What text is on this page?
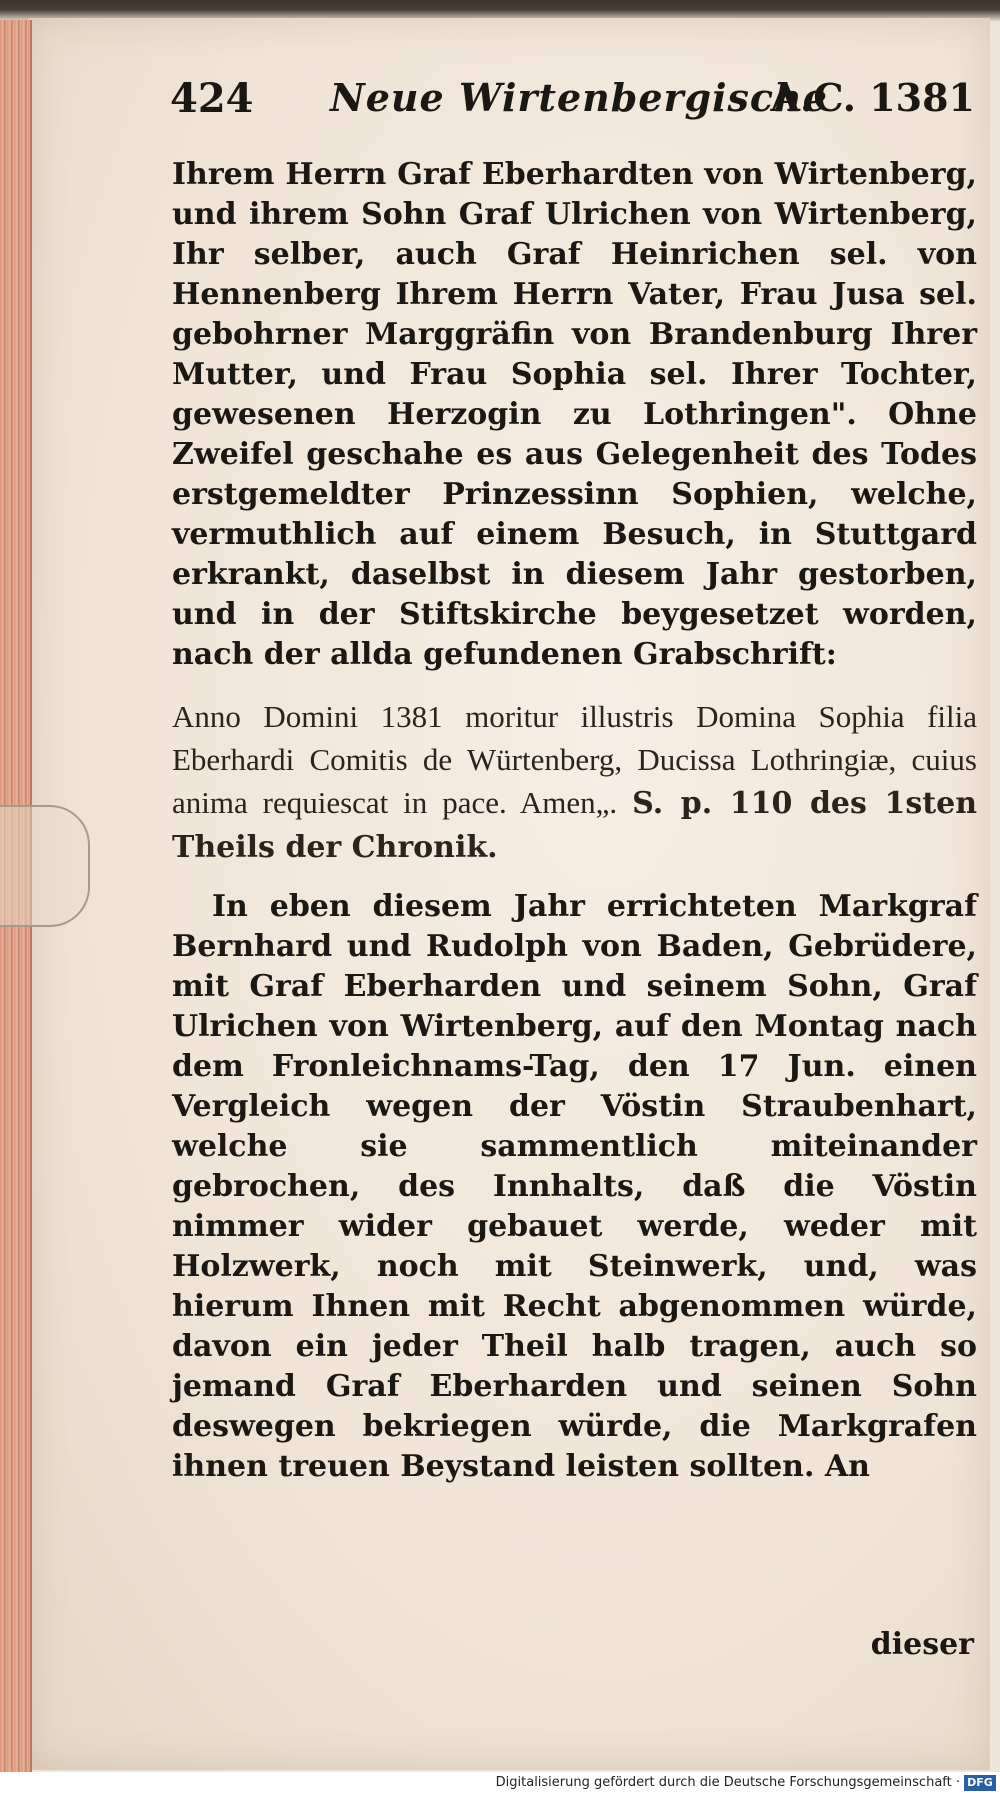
424 Neue Wirtenbergische
A.C. 1381

Ihrem Herrn Graf Eberhardten von Wirtenberg, und ihrem Sohn Graf Ulrichen von Wirtenberg, Ihr selber, auch Graf Heinrichen sel. von Hennenberg Ihrem Herrn Vater, Frau Jusa sel. gebohrner Marggräfin von Brandenburg Ihrer Mutter, und Frau Sophia sel. Ihrer Tochter, gewesenen Herzogin zu Lothringen". Ohne Zweifel geschahe es aus Gelegenheit des Todes erstgemeldter Prinzessinn Sophien, welche, vermuthlich auf einem Besuch, in Stuttgard erkrankt, daselbst in diesem Jahr gestorben, und in der Stiftskirche beygesetzet worden, nach der allda gefundenen Grabschrift:

Anno Domini 1381 moritur illustris Domina Sophia filia Eberhardi Comitis de Würtenberg, Ducissa Lothringiæ, cuius anima requiescat in pace. Amen„. S. p. 110 des 1sten Theils der Chronik.

In eben diesem Jahr errichteten Markgraf Bernhard und Rudolph von Baden, Gebrüdere, mit Graf Eberharden und seinem Sohn, Graf Ulrichen von Wirtenberg, auf den Montag nach dem Fronleichnams-Tag, den 17 Jun. einen Vergleich wegen der Vöstin Straubenhart, welche sie sammentlich miteinander gebrochen, des Innhalts, daß die Vöstin nimmer wider gebauet werde, weder mit Holzwerk, noch mit Steinwerk, und, was hierum Ihnen mit Recht abgenommen würde, davon ein jeder Theil halb tragen, auch so jemand Graf Eberharden und seinen Sohn deswegen bekriegen würde, die Markgrafen ihnen treuen Beystand leisten sollten. An

dieser
Digitalisierung gefördert durch die Deutsche Forschungsgemeinschaft · DFG
